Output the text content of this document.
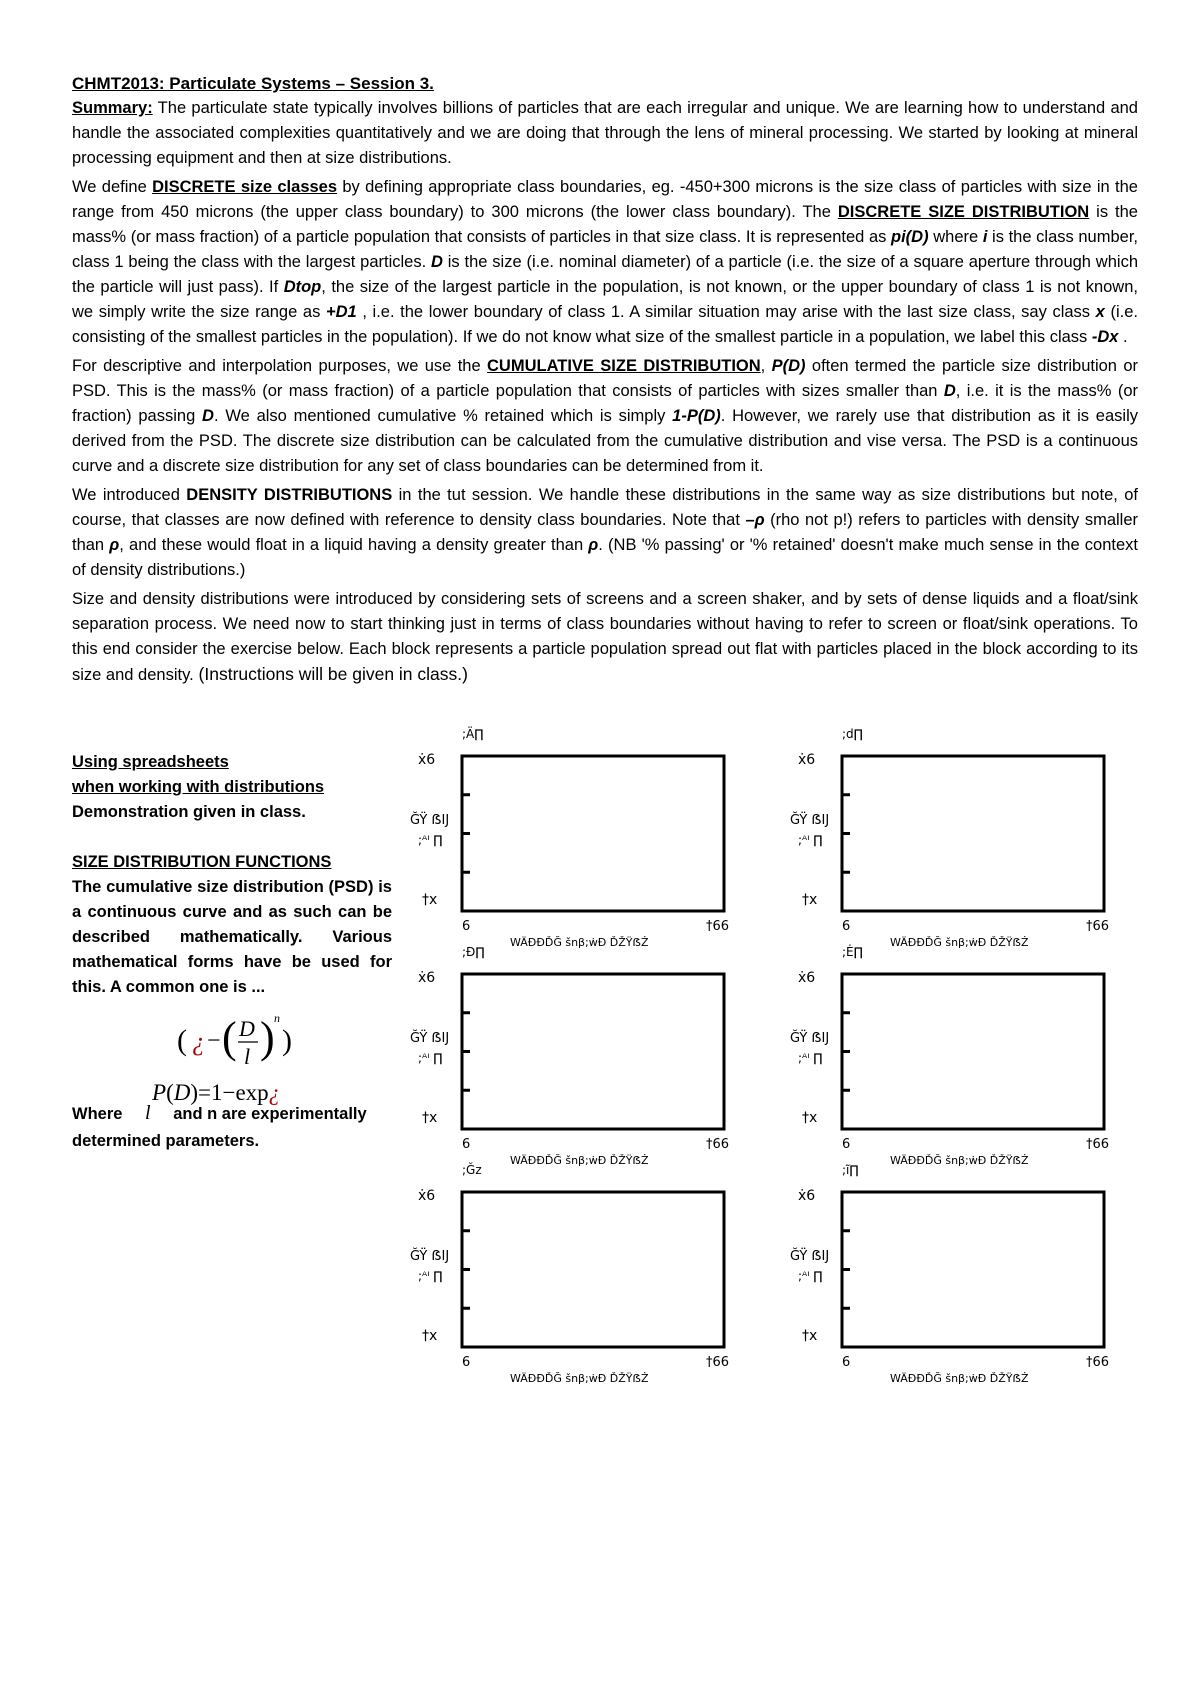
CHMT2013: Particulate Systems – Session 3.

Summary: The particulate state typically involves billions of particles that are each irregular and unique. We are learning how to understand and handle the associated complexities quantitatively and we are doing that through the lens of mineral processing. We started by looking at mineral processing equipment and then at size distributions.

We define DISCRETE size classes by defining appropriate class boundaries, eg. -450+300 microns is the size class of particles with size in the range from 450 microns (the upper class boundary) to 300 microns (the lower class boundary). The DISCRETE SIZE DISTRIBUTION is the mass% (or mass fraction) of a particle population that consists of particles in that size class. It is represented as pi(D) where i is the class number, class 1 being the class with the largest particles. D is the size (i.e. nominal diameter) of a particle (i.e. the size of a square aperture through which the particle will just pass). If Dtop, the size of the largest particle in the population, is not known, or the upper boundary of class 1 is not known, we simply write the size range as +D1 , i.e. the lower boundary of class 1. A similar situation may arise with the last size class, say class x (i.e. consisting of the smallest particles in the population). If we do not know what size of the smallest particle in a population, we label this class -Dx .

For descriptive and interpolation purposes, we use the CUMULATIVE SIZE DISTRIBUTION, P(D) often termed the particle size distribution or PSD. This is the mass% (or mass fraction) of a particle population that consists of particles with sizes smaller than D, i.e. it is the mass% (or fraction) passing D. We also mentioned cumulative % retained which is simply 1-P(D). However, we rarely use that distribution as it is easily derived from the PSD. The discrete size distribution can be calculated from the cumulative distribution and vise versa. The PSD is a continuous curve and a discrete size distribution for any set of class boundaries can be determined from it.

We introduced DENSITY DISTRIBUTIONS in the tut session. We handle these distributions in the same way as size distributions but note, of course, that classes are now defined with reference to density class boundaries. Note that –ρ (rho not p!) refers to particles with density smaller than ρ, and these would float in a liquid having a density greater than ρ. (NB '% passing' or '% retained' doesn't make much sense in the context of density distributions.)

Size and density distributions were introduced by considering sets of screens and a screen shaker, and by sets of dense liquids and a float/sink separation process. We need now to start thinking just in terms of class boundaries without having to refer to screen or float/sink operations. To this end consider the exercise below. Each block represents a particle population spread out flat with particles placed in the block according to its size and density. (Instructions will be given in class.)

Using spreadsheets
when working with distributions
Demonstration given in class.
SIZE DISTRIBUTION FUNCTIONS
The cumulative size distribution (PSD) is a continuous curve and as such can be described mathematically. Various mathematical forms have be used for this. A common one is ...
( ¿ − ( D
l ) n
)
P(D)=1−exp¿
Where l and n are experimentally determined parameters.
;Ä∏
ẋ6
ĞŸ ẞIJ
;ᴬᴵ ∏
†x
6	†66
WÄĐĐĎĞ šnβ;ẇĐ ĎŽŸẞŻ
;d∏
ẋ6
ĞŸ ẞIJ
;ᴬᴵ ∏
†x
6	†66
WÄĐĐĎĞ šnβ;ẇĐ ĎŽŸẞŻ
;Đ∏
ẋ6
ĞŸ ẞIJ
;ᴬᴵ ∏
†x
6	†66
WÄĐĐĎĞ šnβ;ẇĐ ĎŽŸẞŻ
;Ė∏
ẋ6
ĞŸ ẞIJ
;ᴬᴵ ∏
†x
6	†66
WÄĐĐĎĞ šnβ;ẇĐ ĎŽŸẞŻ
;Ğz
ẋ6
ĞŸ ẞIJ
;ᴬᴵ ∏
†x
6	†66
WÄĐĐĎĞ šnβ;ẇĐ ĎŽŸẞŻ
;ĩ∏
ẋ6
ĞŸ ẞIJ
;ᴬᴵ ∏
†x
6	†66
WÄĐĐĎĞ šnβ;ẇĐ ĎŽŸẞŻ
